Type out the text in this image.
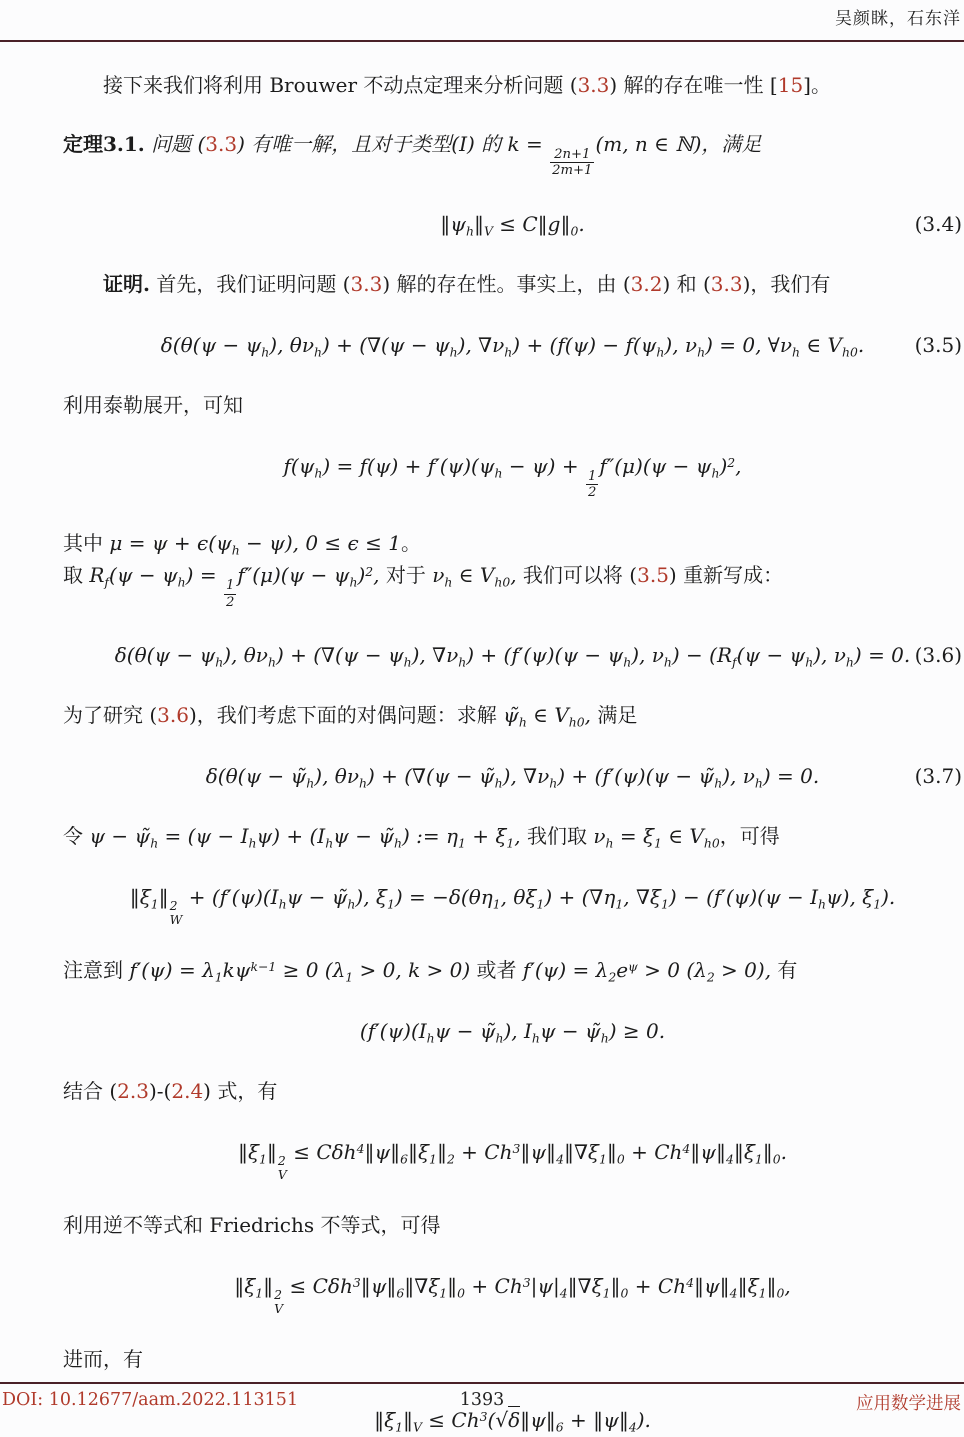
吴颜眯，石东洋
接下来我们将利用 Brouwer 不动点定理来分析问题 (3.3) 解的存在唯一性 [15]。
定理3.1. 问题 (3.3) 有唯一解，且对于类型(I) 的 k =
$\frac{2n+1}{2m+1}$
(m, n ∈ ℕ)，满足
$‖\psi_h‖_V$ ≤ $C‖g‖_0$.	(3.4)
证明. 首先，我们证明问题 (3.3) 解的存在性。事实上，由 (3.2) 和 (3.3)，我们有
$\delta(\theta(\psi - \psi_h)$, $\theta\nu_h) + (\nabla(\psi - \psi_h)$, $\nabla\nu_h) + (f(\psi) - f(\psi_h)$, $\nu_h) = 0$, $\forall\nu_h$ ∈ $V_{h0}$.	(3.5)
利用泰勒展开，可知
$f(\psi_h) = f(\psi) + f'(\psi)(\psi_h - \psi)$ +
$\frac{1}{2}$
$f''(\mu)(\psi - \psi_h)^2$,
其中 $\mu = \psi + \epsilon(\psi_h - \psi)$, 0 ≤ ϵ ≤ 1。
取 $R_f(\psi - \psi_h)$ =
$\frac{1}{2}$
$f''(\mu)(\psi - \psi_h)^2$, 对于 $\nu_h$ ∈ $V_{h0}$, 我们可以将 (3.5) 重新写成：
$\delta(\theta(\psi - \psi_h)$, $\theta\nu_h) + (\nabla(\psi - \psi_h)$, $\nabla\nu_h) + (f'(\psi)(\psi - \psi_h)$, $\nu_h) - (R_f(\psi - \psi_h)$, $\nu_h) = 0$. (3.6)
为了研究 (3.6)，我们考虑下面的对偶问题：求解 $\psĩ_h$ ∈ $V_{h0}$, 满足
$\delta(\theta(\psi - \psĩ_h)$, $\theta\nu_h) + (\nabla(\psi$ − $\psĩ_h$), $\nabla\nu_h) + (f'(\psi)(\psi$ − $\psĩ_h$), $\nu_h) = 0$.	(3.7)
令 $\psi - \psĩ_h = (\psi - I_h\psi) + (I_h\psi$ − $\psĩ_h$) := $\eta_1 + \xi_1$, 我们取 $\nu_h = \xi_1$ ∈ $V_{h0}$，可得
$‖\xi_1‖$ 2
W
+ ($f'(\psi)(I_h\psi$ − $\psĩ_h$), $\xi_1) = -\delta(\theta\eta_1$, $\theta\xi_1) + (\nabla\eta_1$, $\nabla\xi_1) - (f'(\psi)(\psi - I_h\psi)$, $\xi_1$).
注意到 $f'(\psi) = \lambda_1k\psi^{k-1} \ge 0$ ($\lambda_1 > 0$, k > 0) 或者 $f'(\psi) = \lambda_2e^\psi > 0$ $(\lambda_2 > 0)$, 有
($f'(\psi)(I_h\psi$ − $\psĩ_h$), $I_h\psi$ − $\psĩ_h) \ge 0$.
结合 (2.3)-(2.4) 式，有
$‖\xi_1‖$ 2
V
≤ $C\delta h^4‖\psi‖_6‖\xi_1‖_2$ + $Ch^3‖\psi‖_4‖\nabla\xi_1‖_0$ + $Ch^4‖\psi‖_4‖\xi_1‖_0$.
利用逆不等式和 Friedrichs 不等式，可得
$‖\xi_1‖$ 2
V
≤ $C\delta h^3‖\psi‖_6‖\nabla\xi_1‖_0$ + $Ch^3|\psi|_4‖\nabla\xi_1‖_0$ + $Ch^4‖\psi‖_4‖\xi_1‖_0$,
进而，有
$‖\xi_1‖_V$ ≤ $Ch^3(√\delta‖\psi‖_6$ + $‖\psi‖_4$).
DOI: 10.12677/aam.2022.113151	1393	应用数学进展
